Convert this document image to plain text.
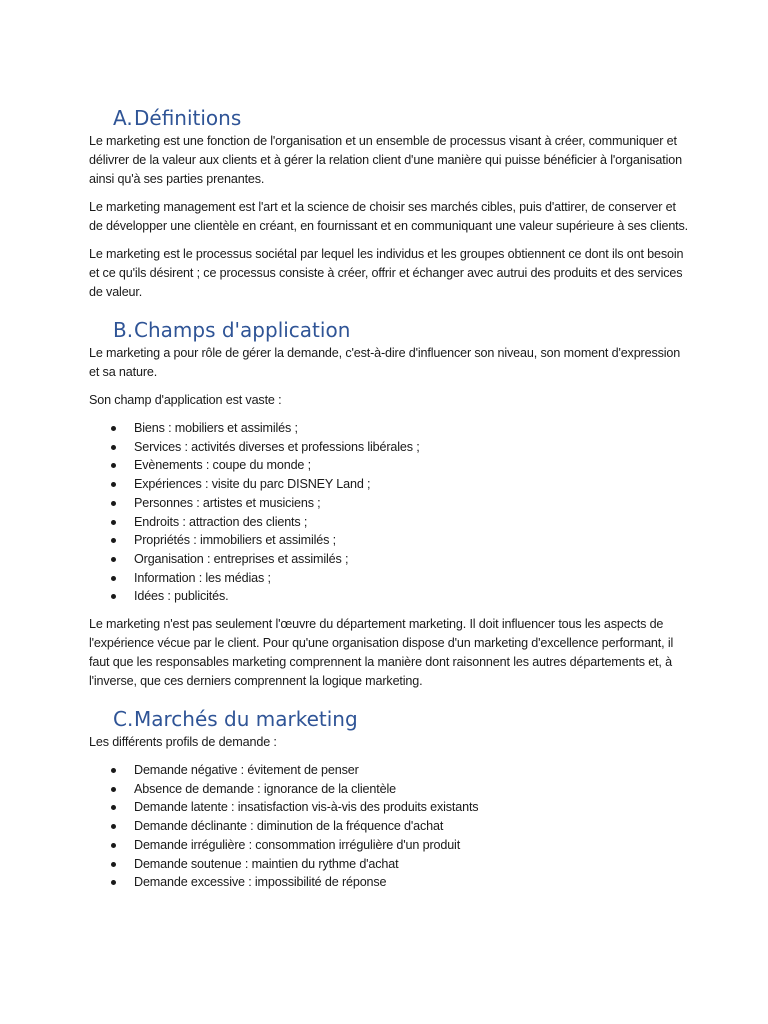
A.Définitions

Le marketing est une fonction de l'organisation et un ensemble de processus visant à créer, communiquer et délivrer de la valeur aux clients et à gérer la relation client d'une manière qui puisse bénéficier à l'organisation ainsi qu'à ses parties prenantes.

Le marketing management est l'art et la science de choisir ses marchés cibles, puis d'attirer, de conserver et de développer une clientèle en créant, en fournissant et en communiquant une valeur supérieure à ses clients.

Le marketing est le processus sociétal par lequel les individus et les groupes obtiennent ce dont ils ont besoin et ce qu'ils désirent ; ce processus consiste à créer, offrir et échanger avec autrui des produits et des services de valeur.

B.Champs d'application

Le marketing a pour rôle de gérer la demande, c'est-à-dire d'influencer son niveau, son moment d'expression et sa nature.

Son champ d'application est vaste :

Biens : mobiliers et assimilés ;
Services : activités diverses et professions libérales ;
Evènements : coupe du monde ;
Expériences : visite du parc DISNEY Land ;
Personnes : artistes et musiciens ;
Endroits : attraction des clients ;
Propriétés : immobiliers et assimilés ;
Organisation : entreprises et assimilés ;
Information : les médias ;
Idées : publicités.

Le marketing n'est pas seulement l'œuvre du département marketing. Il doit influencer tous les aspects de l'expérience vécue par le client. Pour qu'une organisation dispose d'un marketing d'excellence performant, il faut que les responsables marketing comprennent la manière dont raisonnent les autres départements et, à l'inverse, que ces derniers comprennent la logique marketing.

C.Marchés du marketing

Les différents profils de demande :

Demande négative : évitement de penser
Absence de demande : ignorance de la clientèle
Demande latente : insatisfaction vis-à-vis des produits existants
Demande déclinante : diminution de la fréquence d'achat
Demande irrégulière : consommation irrégulière d'un produit
Demande soutenue : maintien du rythme d'achat
Demande excessive : impossibilité de réponse
